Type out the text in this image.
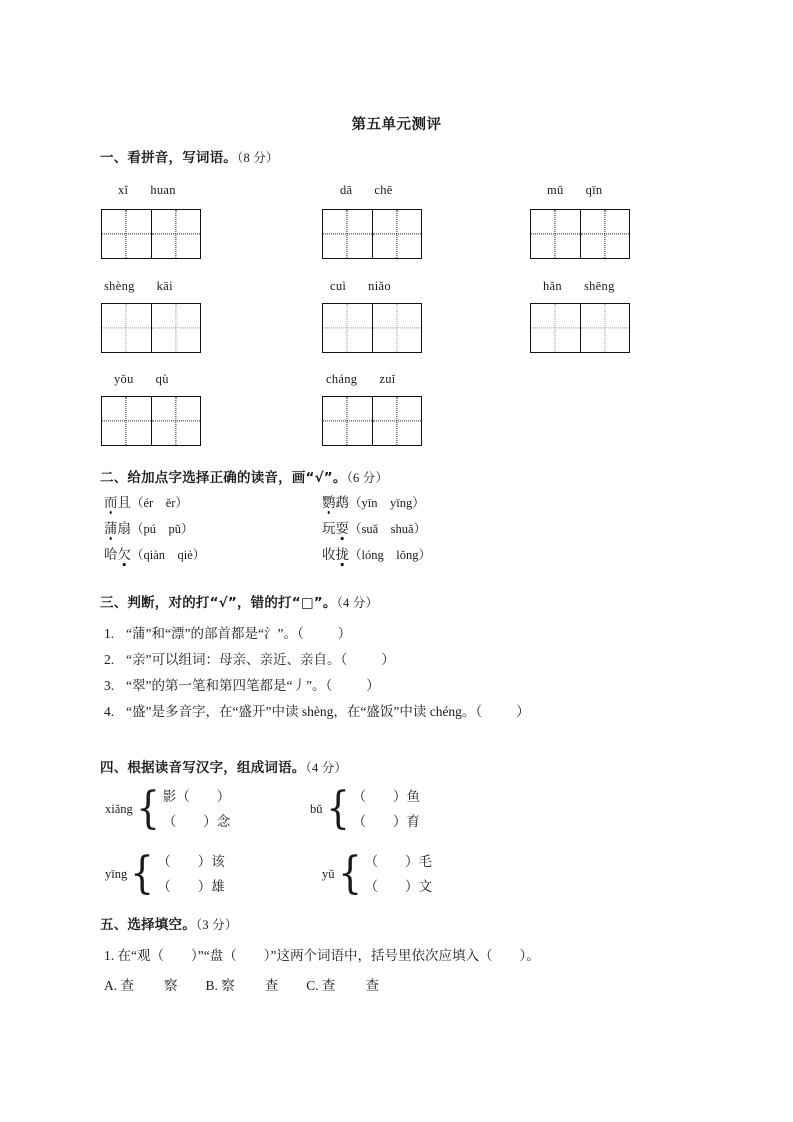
第五单元测评
一、看拼音，写词语。（8 分）
xǐ huan	dā chē	mǔ qīn
shèng kāi	cuì niǎo	hǎn shēng
yǒu qù	cháng zuǐ
二、给加点字选择正确的读音，画“√”。（6 分）
而且（ér　ěr）	鹦鹉（yīn　yīng）
蒲扇（pú　pǔ）	玩耍（suǎ　shuǎ）
哈欠（qiàn　qiè）	收拢（lóng　lǒng）
三、判断，对的打“√”，错的打“□”。（4 分）
1. “蒲”和“漂”的部首都是“氵”。（	）
2. “亲”可以组词：母亲、亲近、亲自。（	）
3. “翠”的第一笔和第四笔都是“丿”。（	）
4. “盛”是多音字，在“盛开”中读 shèng，在“盛饭”中读 chéng。（	）
四、根据读音写汉字，组成词语。（4 分）
xiǎng { 影（　　 ）
（　　 ）念
bǔ { （　　 ）鱼
（　　 ）育
yīng { （　　 ）该
（　　 ）雄
yǔ { （　　 ）毛
（　　 ）文
五、选择填空。（3 分）
1. 在“观（　　）”“盘（　　）”这两个词语中，括号里依次应填入（　　）。
A. 查 察 B. 察 查 C. 查 查
